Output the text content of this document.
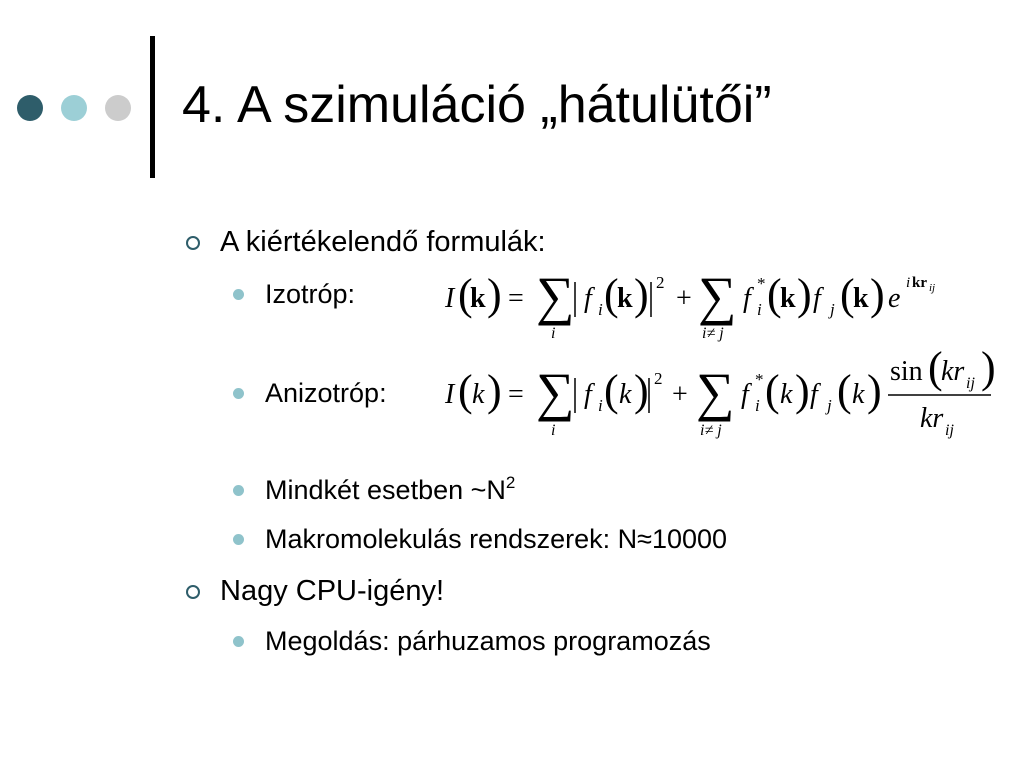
4. A szimuláció „hátulütői”
A kiértékelendő formulák:
Izotróp:	I (
k ) = ∑
i
f i (
k ) 2
+ ∑
i≠ j
f *
i (
k ) f j (
k ) e i kr ij
Anizotróp: I ( k ) = ∑
i
f i ( k ) 2
+ ∑
i≠ j
f *
i ( k ) f j ( k ) sin (
kr ij )
kr ij
Mindkét esetben $\sim N^2$
Makromolekulás rendszerek: N≈10000
Nagy CPU-igény!
Megoldás: párhuzamos programozás
